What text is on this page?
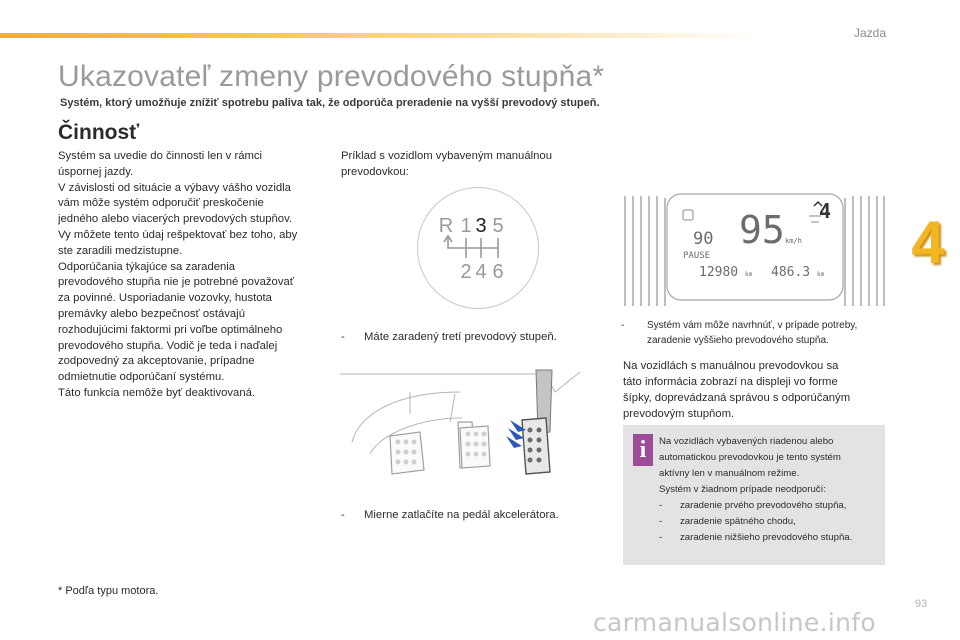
Jazda
4
Ukazovateľ zmeny prevodového stupňa*
Systém, ktorý umožňuje znížiť spotrebu paliva tak, že odporúča preradenie na vyšší prevodový stupeň.
Činnosť
Systém sa uvedie do činnosti len v rámci
úspornej jazdy.
V závislosti od situácie a výbavy vášho vozidla
vám môže systém odporučiť preskočenie
jedného alebo viacerých prevodových stupňov.
Vy môžete tento údaj rešpektovať bez toho, aby
ste zaradili medzistupne.
Odporúčania týkajúce sa zaradenia
prevodového stupňa nie je potrebné považovať
za povinné. Usporiadanie vozovky, hustota
premávky alebo bezpečnosť ostávajú
rozhodujúcimi faktormi pri voľbe optimálneho
prevodového stupňa. Vodič je teda i naďalej
zodpovedný za akceptovanie, prípadne
odmietnutie odporúčaní systému.
Táto funkcia nemôže byť deaktivovaná.
Príklad s vozidlom vybaveným manuálnou
prevodovkou:
R 1 3 5
2 4 6
-	Máte zaradený tretí prevodový stupeň.
-	Mierne zatlačíte na pedál akcelerátora.
95 km/h
4
90
PAUSE
12980 km 486.3 km
-	Systém vám môže navrhnúť, v prípade potreby,
zaradenie vyššieho prevodového stupňa.
Na vozidlách s manuálnou prevodovkou sa
táto informácia zobrazí na displeji vo forme
šípky, doprevádzaná správou s odporúčaným
prevodovým stupňom.
i	Na vozidlách vybavených riadenou alebo
automatickou prevodovkou je tento systém
aktívny len v manuálnom režime.
Systém v žiadnom prípade neodporučí:
- zaradenie prvého prevodového stupňa,
- zaradenie spätného chodu,
- zaradenie nižšieho prevodového stupňa.
* Podľa typu motora.
93
carmanualsonline.info
